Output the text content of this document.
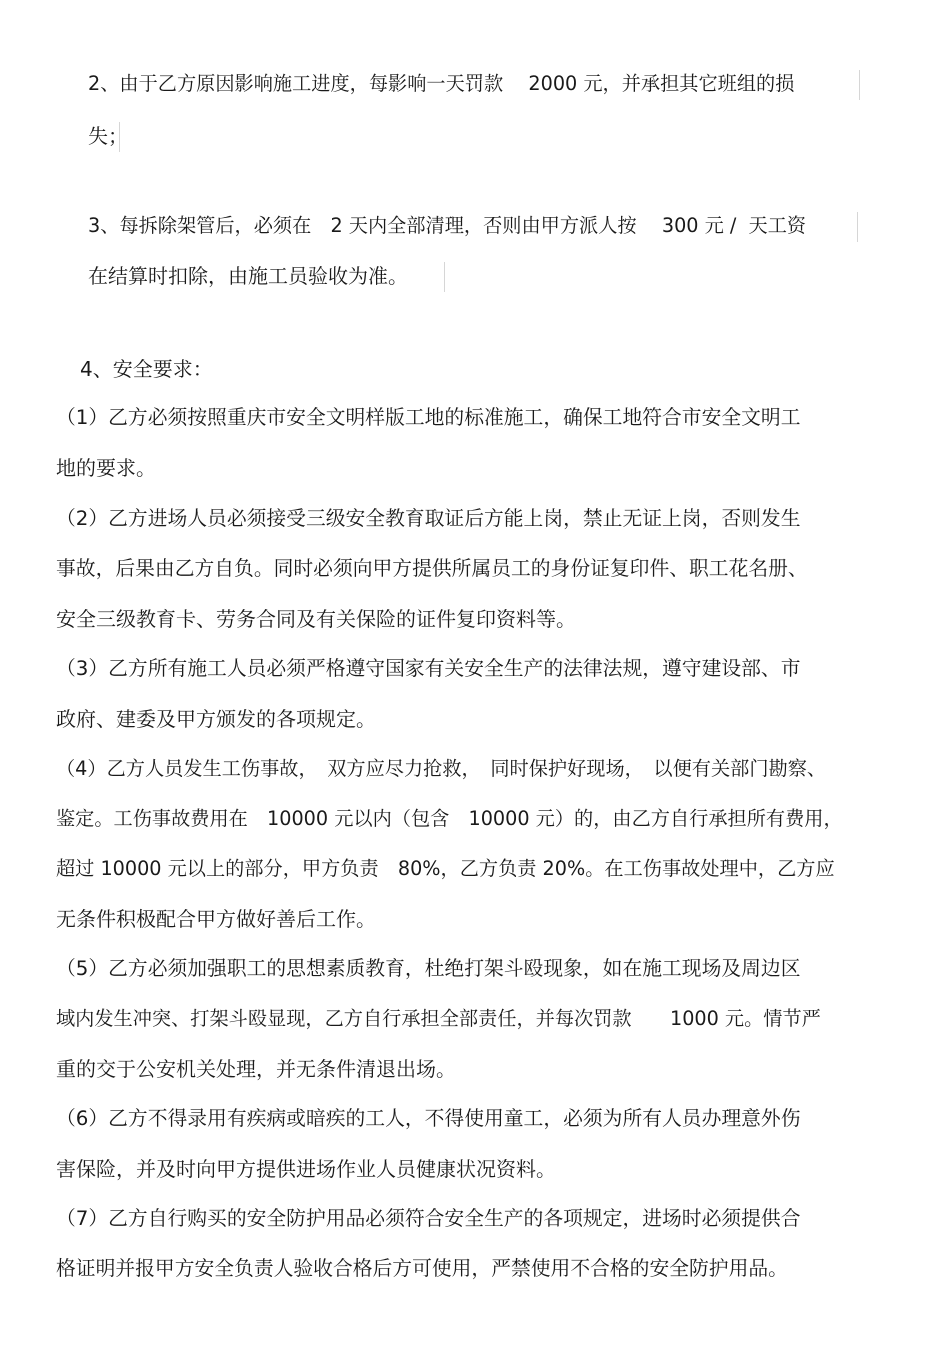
2、由于乙方原因影响施工进度，每影响一天罚款　 2000 元，并承担其它班组的损
失；
3、每拆除架管后，必须在　2 天内全部清理，否则由甲方派人按　 300 元 /  天工资
在结算时扣除，由施工员验收为准。
4、安全要求：
（1）乙方必须按照重庆市安全文明样版工地的标准施工，确保工地符合市安全文明工
地的要求。
（2）乙方进场人员必须接受三级安全教育取证后方能上岗，禁止无证上岗，否则发生
事故，后果由乙方自负。同时必须向甲方提供所属员工的身份证复印件、职工花名册、
安全三级教育卡、劳务合同及有关保险的证件复印资料等。
（3）乙方所有施工人员必须严格遵守国家有关安全生产的法律法规，遵守建设部、市
政府、建委及甲方颁发的各项规定。
（4）乙方人员发生工伤事故，　双方应尽力抢救，　同时保护好现场，　以便有关部门勘察、
鉴定。工伤事故费用在　10000 元以内（包含　10000 元）的，由乙方自行承担所有费用，
超过 10000 元以上的部分，甲方负责　80%，乙方负责 20%。在工伤事故处理中，乙方应
无条件积极配合甲方做好善后工作。
（5）乙方必须加强职工的思想素质教育，杜绝打架斗殴现象，如在施工现场及周边区
域内发生冲突、打架斗殴显现，乙方自行承担全部责任，并每次罚款　　1000 元。情节严
重的交于公安机关处理，并无条件清退出场。
（6）乙方不得录用有疾病或暗疾的工人，不得使用童工，必须为所有人员办理意外伤
害保险，并及时向甲方提供进场作业人员健康状况资料。
（7）乙方自行购买的安全防护用品必须符合安全生产的各项规定，进场时必须提供合
格证明并报甲方安全负责人验收合格后方可使用，严禁使用不合格的安全防护用品。
